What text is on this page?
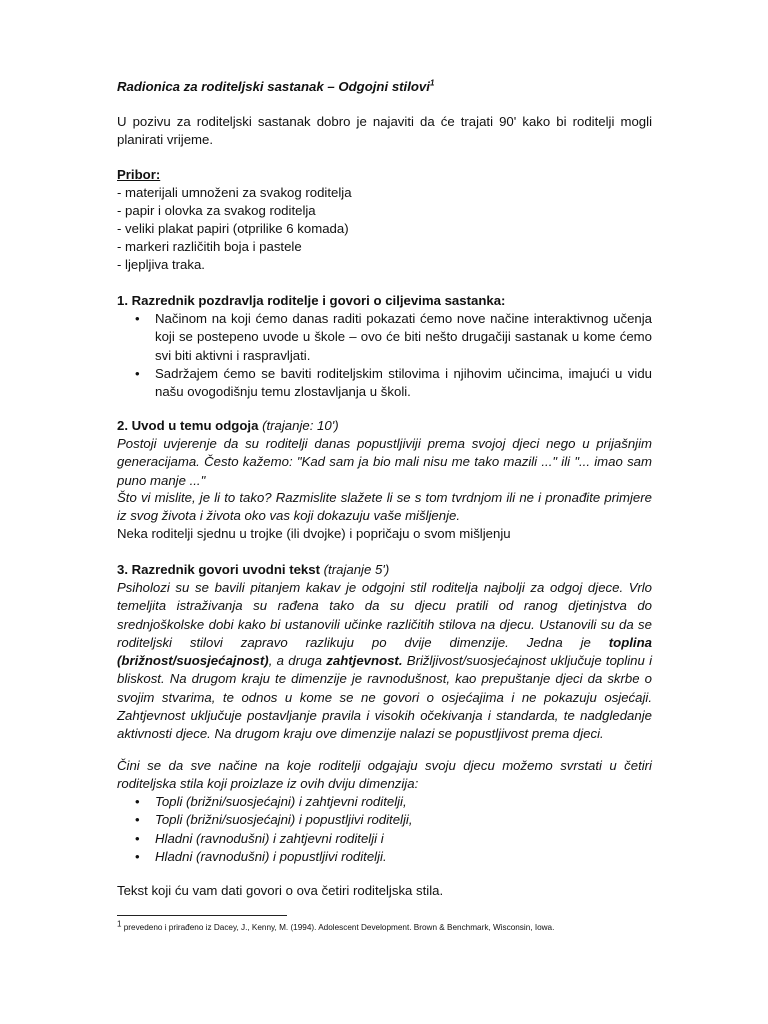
Radionica za roditeljski sastanak – Odgojni stilovi$^1$
U pozivu za roditeljski sastanak dobro je najaviti da će trajati 90' kako bi roditelji mogli planirati vrijeme.
Pribor:
- materijali umnoženi za svakog roditelja
- papir i olovka za svakog roditelja
- veliki plakat papiri (otprilike 6 komada)
- markeri različitih boja i pastele
- ljepljiva traka.
1. Razrednik pozdravlja roditelje i govori o ciljevima sastanka:
• Načinom na koji ćemo danas raditi pokazati ćemo nove načine interaktivnog učenja koji se postepeno uvode u škole – ovo će biti nešto drugačiji sastanak u kome ćemo svi biti aktivni i raspravljati.
• Sadržajem ćemo se baviti roditeljskim stilovima i njihovim učincima, imajući u vidu našu ovogodišnju temu zlostavljanja u školi.
2. Uvod u temu odgoja (trajanje: 10')
Postoji uvjerenje da su roditelji danas popustljiviji prema svojoj djeci nego u prijašnjim generacijama. Često kažemo: "Kad sam ja bio mali nisu me tako mazili ..." ili "... imao sam puno manje ..."
Što vi mislite, je li to tako? Razmislite slažete li se s tom tvrdnjom ili ne i pronađite primjere iz svog života i života oko vas koji dokazuju vaše mišljenje.
Neka roditelji sjednu u trojke (ili dvojke) i popričaju o svom mišljenju
3. Razrednik govori uvodni tekst (trajanje 5')
Psiholozi su se bavili pitanjem kakav je odgojni stil roditelja najbolji za odgoj djece. Vrlo temeljita istraživanja su rađena tako da su djecu pratili od ranog djetinjstva do srednjoškolske dobi kako bi ustanovili učinke različitih stilova na djecu. Ustanovili su da se roditeljski stilovi zapravo razlikuju po dvije dimenzije. Jedna je toplina (brižnost/suosjećajnost), a druga zahtjevnost. Brižljivost/suosjećajnost uključuje toplinu i bliskost. Na drugom kraju te dimenzije je ravnodušnost, kao prepuštanje djeci da skrbe o svojim stvarima, te odnos u kome se ne govori o osjećajima i ne pokazuju osjećaji. Zahtjevnost uključuje postavljanje pravila i visokih očekivanja i standarda, te nadgledanje aktivnosti djece. Na drugom kraju ove dimenzije nalazi se popustljivost prema djeci.
Čini se da sve načine na koje roditelji odgajaju svoju djecu možemo svrstati u četiri roditeljska stila koji proizlaze iz ovih dviju dimenzija:
• Topli (brižni/suosjećajni) i zahtjevni roditelji,
• Topli (brižni/suosjećajni) i popustljivi roditelji,
• Hladni (ravnodušni) i zahtjevni roditelji i
• Hladni (ravnodušni) i popustljivi roditelji.
Tekst koji ću vam dati govori o ova četiri roditeljska stila.
1 prevedeno i prirađeno iz Dacey, J., Kenny, M. (1994). Adolescent Development. Brown & Benchmark, Wisconsin, Iowa.
